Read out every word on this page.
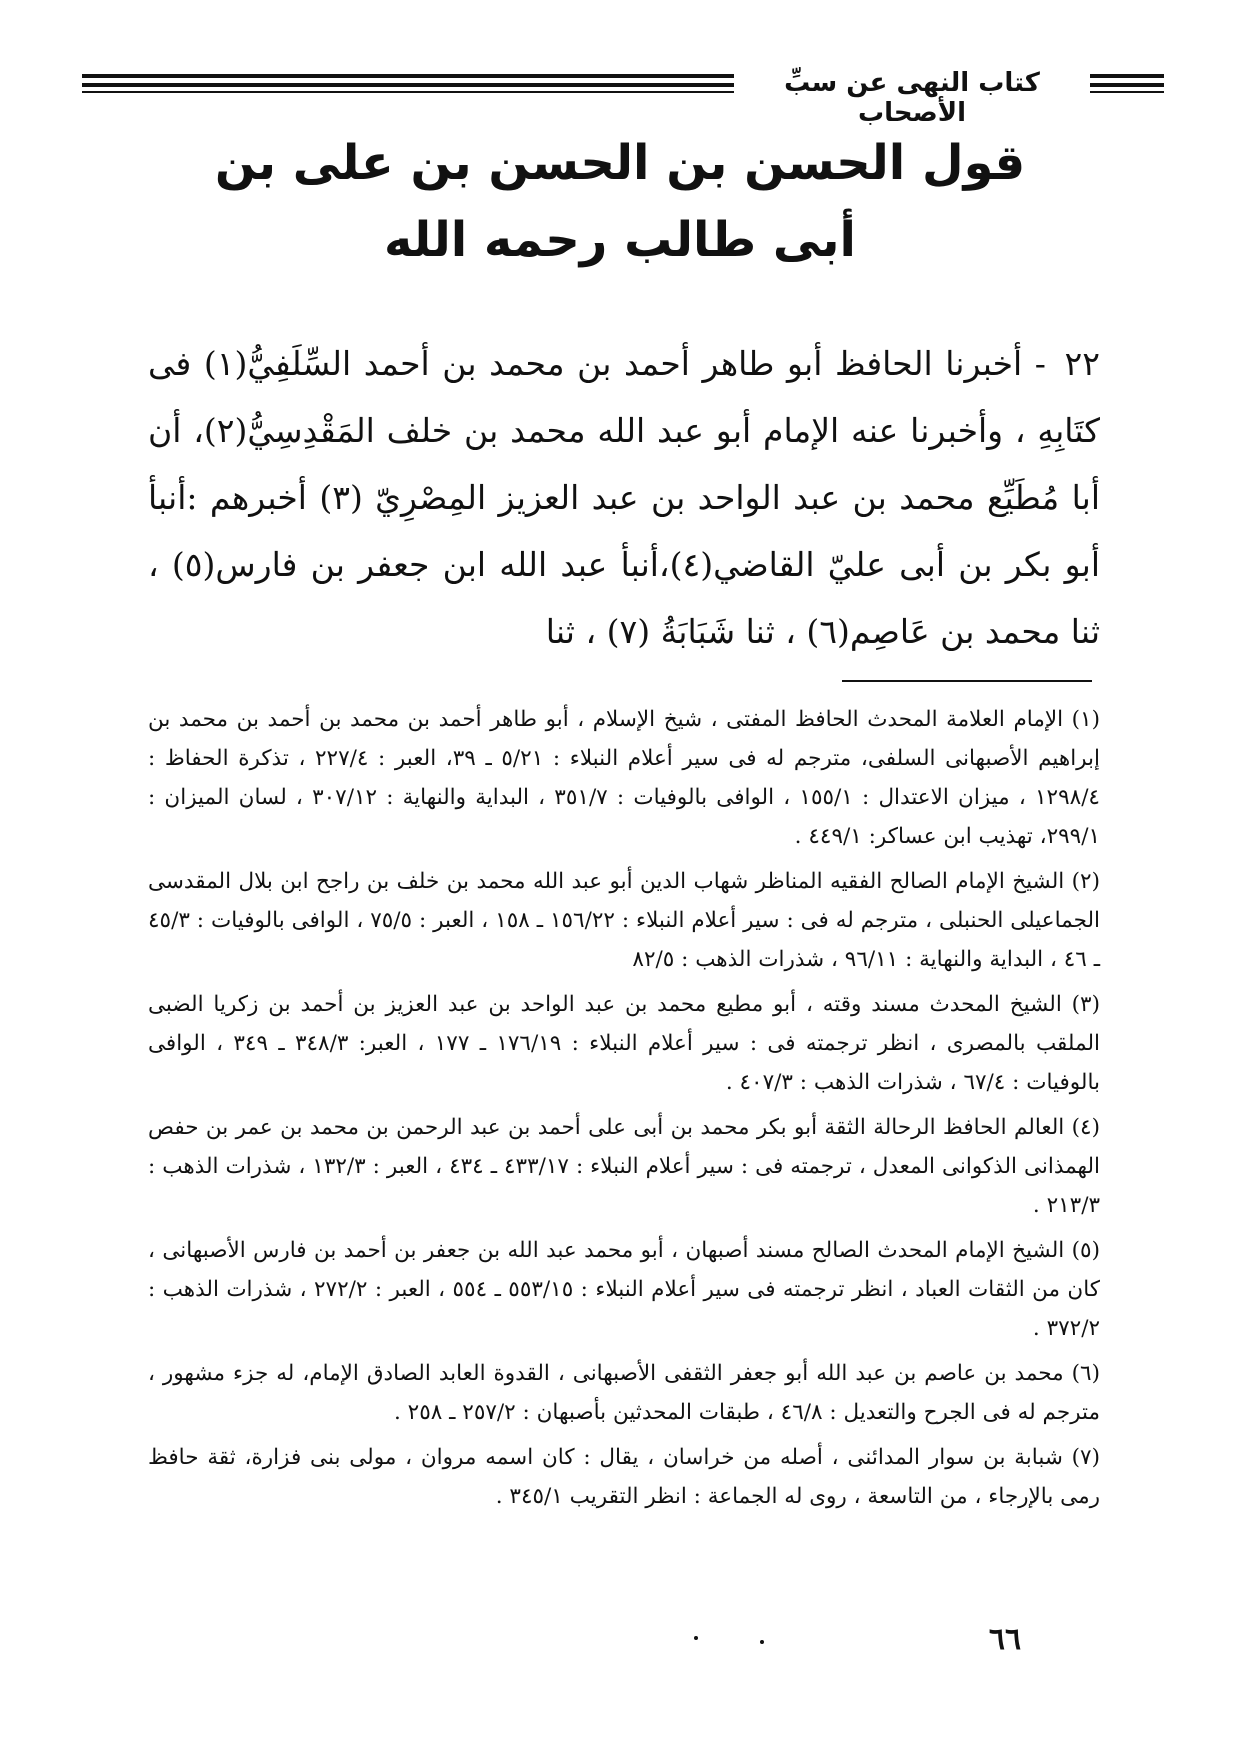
كتاب النهى عن سبِّ الأصحاب
قول الحسن بن الحسن بن على بن
أبى طالب رحمه الله
٢٢ - أخبرنا الحافظ أبو طاهر أحمد بن محمد بن أحمد السِّلَفِيُّ(١) فى كتَابِهِ ، وأخبرنا عنه الإمام أبو عبد الله محمد بن خلف المَقْدِسِيُّ(٢)، أن أبا مُطَيِّع محمد بن عبد الواحد بن عبد العزيز المِصْرِيّ (٣) أخبرهم :أنبأ أبو بكر بن أبى عليّ القاضي(٤)،أنبأ عبد الله ابن جعفر بن فارس(٥) ، ثنا محمد بن عَاصِم(٦) ، ثنا شَبَابَةُ (٧) ، ثنا

(١) الإمام العلامة المحدث الحافظ المفتى ، شيخ الإسلام ، أبو طاهر أحمد بن محمد بن أحمد بن محمد بن إبراهيم الأصبهانى السلفى، مترجم له فى سير أعلام النبلاء : ٥/٢١ ـ ٣٩، العبر : ٢٢٧/٤ ، تذكرة الحفاظ : ١٢٩٨/٤ ، ميزان الاعتدال : ١٥٥/١ ، الوافى بالوفيات : ٣٥١/٧ ، البداية والنهاية : ٣٠٧/١٢ ، لسان الميزان : ٢٩٩/١، تهذيب ابن عساكر: ٤٤٩/١ .

(٢) الشيخ الإمام الصالح الفقيه المناظر شهاب الدين أبو عبد الله محمد بن خلف بن راجح ابن بلال المقدسى الجماعيلى الحنبلى ، مترجم له فى : سير أعلام النبلاء : ١٥٦/٢٢ ـ ١٥٨ ، العبر : ٧٥/٥ ، الوافى بالوفيات : ٤٥/٣ ـ ٤٦ ، البداية والنهاية : ٩٦/١١ ، شذرات الذهب : ٨٢/٥

(٣) الشيخ المحدث مسند وقته ، أبو مطيع محمد بن عبد الواحد بن عبد العزيز بن أحمد بن زكريا الضبى الملقب بالمصرى ، انظر ترجمته فى : سير أعلام النبلاء : ١٧٦/١٩ ـ ١٧٧ ، العبر: ٣٤٨/٣ ـ ٣٤٩ ، الوافى بالوفيات : ٦٧/٤ ، شذرات الذهب : ٤٠٧/٣ .

(٤) العالم الحافظ الرحالة الثقة أبو بكر محمد بن أبى على أحمد بن عبد الرحمن بن محمد بن عمر بن حفص الهمذانى الذكوانى المعدل ، ترجمته فى : سير أعلام النبلاء : ٤٣٣/١٧ ـ ٤٣٤ ، العبر : ١٣٢/٣ ، شذرات الذهب : ٢١٣/٣ .

(٥) الشيخ الإمام المحدث الصالح مسند أصبهان ، أبو محمد عبد الله بن جعفر بن أحمد بن فارس الأصبهانى ، كان من الثقات العباد ، انظر ترجمته فى سير أعلام النبلاء : ٥٥٣/١٥ ـ ٥٥٤ ، العبر : ٢٧٢/٢ ، شذرات الذهب : ٣٧٢/٢ .

(٦) محمد بن عاصم بن عبد الله أبو جعفر الثقفى الأصبهانى ، القدوة العابد الصادق الإمام، له جزء مشهور ، مترجم له فى الجرح والتعديل : ٤٦/٨ ، طبقات المحدثين بأصبهان : ٢٥٧/٢ ـ ٢٥٨ .

(٧) شبابة بن سوار المدائنى ، أصله من خراسان ، يقال : كان اسمه مروان ، مولى بنى فزارة، ثقة حافظ رمى بالإرجاء ، من التاسعة ، روى له الجماعة : انظر التقريب ٣٤٥/١ .

٦٦
